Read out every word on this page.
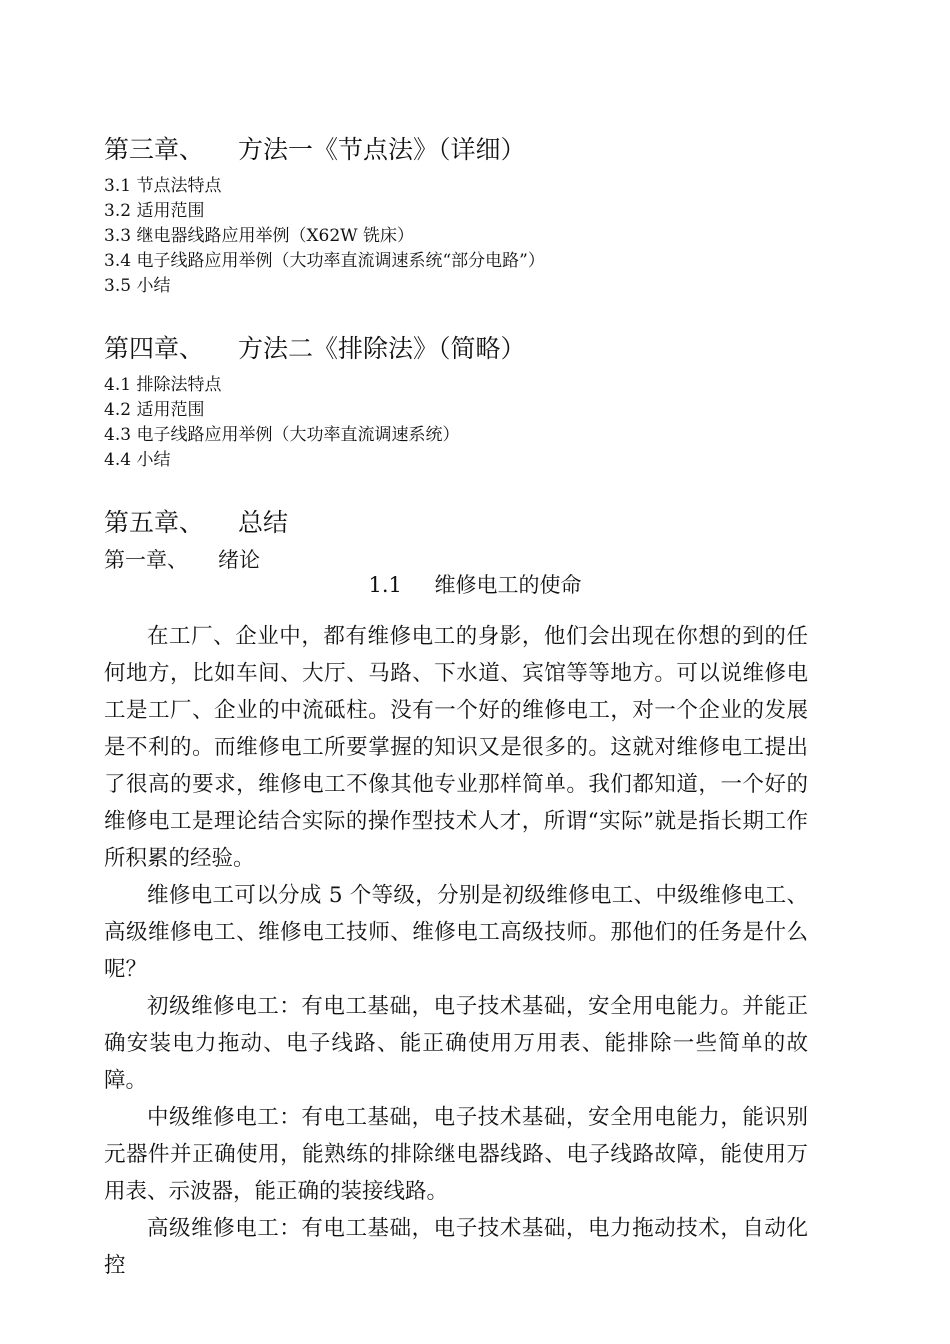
第三章、 方法一《节点法》（详细）
3.1 节点法特点
3.2 适用范围
3.3 继电器线路应用举例（X62W 铣床）
3.4 电子线路应用举例（大功率直流调速系统“部分电路”）
3.5 小结
第四章、 方法二《排除法》（简略）
4.1 排除法特点
4.2 适用范围
4.3 电子线路应用举例（大功率直流调速系统）
4.4 小结
第五章、 总结
第一章、 绪论
1.1 维修电工的使命

在工厂、企业中，都有维修电工的身影，他们会出现在你想的到的任何地方，比如车间、大厅、马路、下水道、宾馆等等地方。可以说维修电工是工厂、企业的中流砥柱。没有一个好的维修电工，对一个企业的发展是不利的。而维修电工所要掌握的知识又是很多的。这就对维修电工提出了很高的要求，维修电工不像其他专业那样简单。我们都知道，一个好的维修电工是理论结合实际的操作型技术人才，所谓“实际”就是指长期工作所积累的经验。

维修电工可以分成 5 个等级，分别是初级维修电工、中级维修电工、高级维修电工、维修电工技师、维修电工高级技师。那他们的任务是什么呢？

初级维修电工：有电工基础，电子技术基础，安全用电能力。并能正确安装电力拖动、电子线路、能正确使用万用表、能排除一些简单的故障。

中级维修电工：有电工基础，电子技术基础，安全用电能力，能识别元器件并正确使用，能熟练的排除继电器线路、电子线路故障，能使用万用表、示波器，能正确的装接线路。

高级维修电工：有电工基础，电子技术基础，电力拖动技术，自动化控
